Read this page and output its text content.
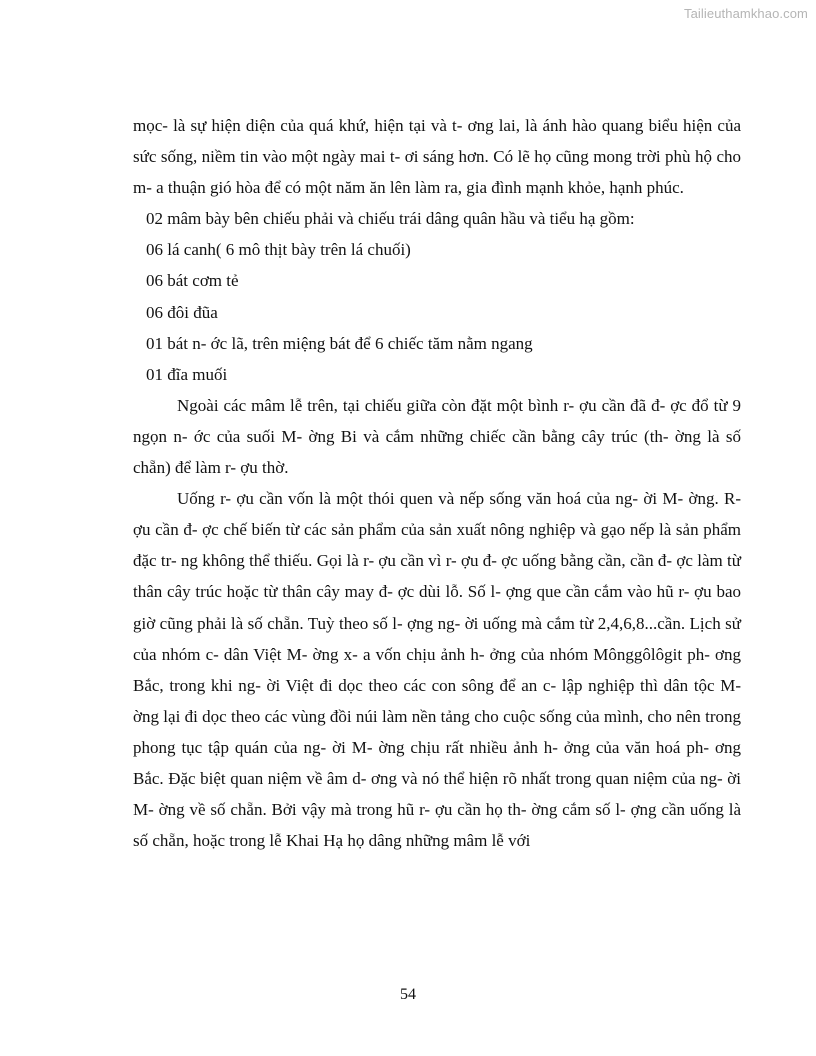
Tailieuthamkhao.com

mọc- là sự hiện diện của quá khứ, hiện tại và t- ơng lai, là ánh hào quang biểu hiện của sức sống, niềm tin vào một ngày mai t- ơi sáng hơn. Có lẽ họ cũng mong trời phù hộ cho m- a thuận gió hòa để có một năm ăn lên làm ra, gia đình mạnh khỏe, hạnh phúc.

02 mâm bày bên chiếu phải và chiếu trái dâng quân hầu và tiểu hạ gồm:

06 lá canh( 6 mô thịt bày trên lá chuối)

06 bát cơm tẻ

06 đôi đũa

01 bát n- ớc lã, trên miệng bát để 6 chiếc tăm nằm ngang

01 đĩa muối

Ngoài các mâm lễ trên, tại chiếu giữa còn đặt một bình r- ợu cần đã đ- ợc đổ từ 9 ngọn n- ớc của suối M- ờng Bi và cắm những chiếc cần bằng cây trúc (th- ờng là số chẵn) để làm r- ợu thờ.

Uống r- ợu cần vốn là một thói quen và nếp sống văn hoá của ng- ời M- ờng. R- ợu cần đ- ợc chế biến từ các sản phẩm của sản xuất nông nghiệp và gạo nếp là sản phẩm đặc tr- ng không thể thiếu. Gọi là r- ợu cần vì r- ợu đ- ợc uống bằng cần, cần đ- ợc làm từ thân cây trúc hoặc từ thân cây may đ- ợc dùi lỗ. Số l- ợng que cần cắm vào hũ r- ợu bao giờ cũng phải là số chẵn. Tuỳ theo số l- ợng ng- ời uống mà cắm từ 2,4,6,8...cần. Lịch sử của nhóm c- dân Việt M- ờng x- a vốn chịu ảnh h- ởng của nhóm Mônggôlôgit ph- ơng Bắc, trong khi ng- ời Việt đi dọc theo các con sông để an c- lập nghiệp thì dân tộc M- ờng lại đi dọc theo các vùng đồi núi làm nền tảng cho cuộc sống của mình, cho nên trong phong tục tập quán của ng- ời M- ờng chịu rất nhiều ảnh h- ởng của văn hoá ph- ơng Bắc. Đặc biệt quan niệm về âm d- ơng và nó thể hiện rõ nhất trong quan niệm của ng- ời M- ờng về số chẵn. Bởi vậy mà trong hũ r- ợu cần họ th- ờng cắm số l- ợng cần uống là số chẵn, hoặc trong lễ Khai Hạ họ dâng những mâm lễ với

54
